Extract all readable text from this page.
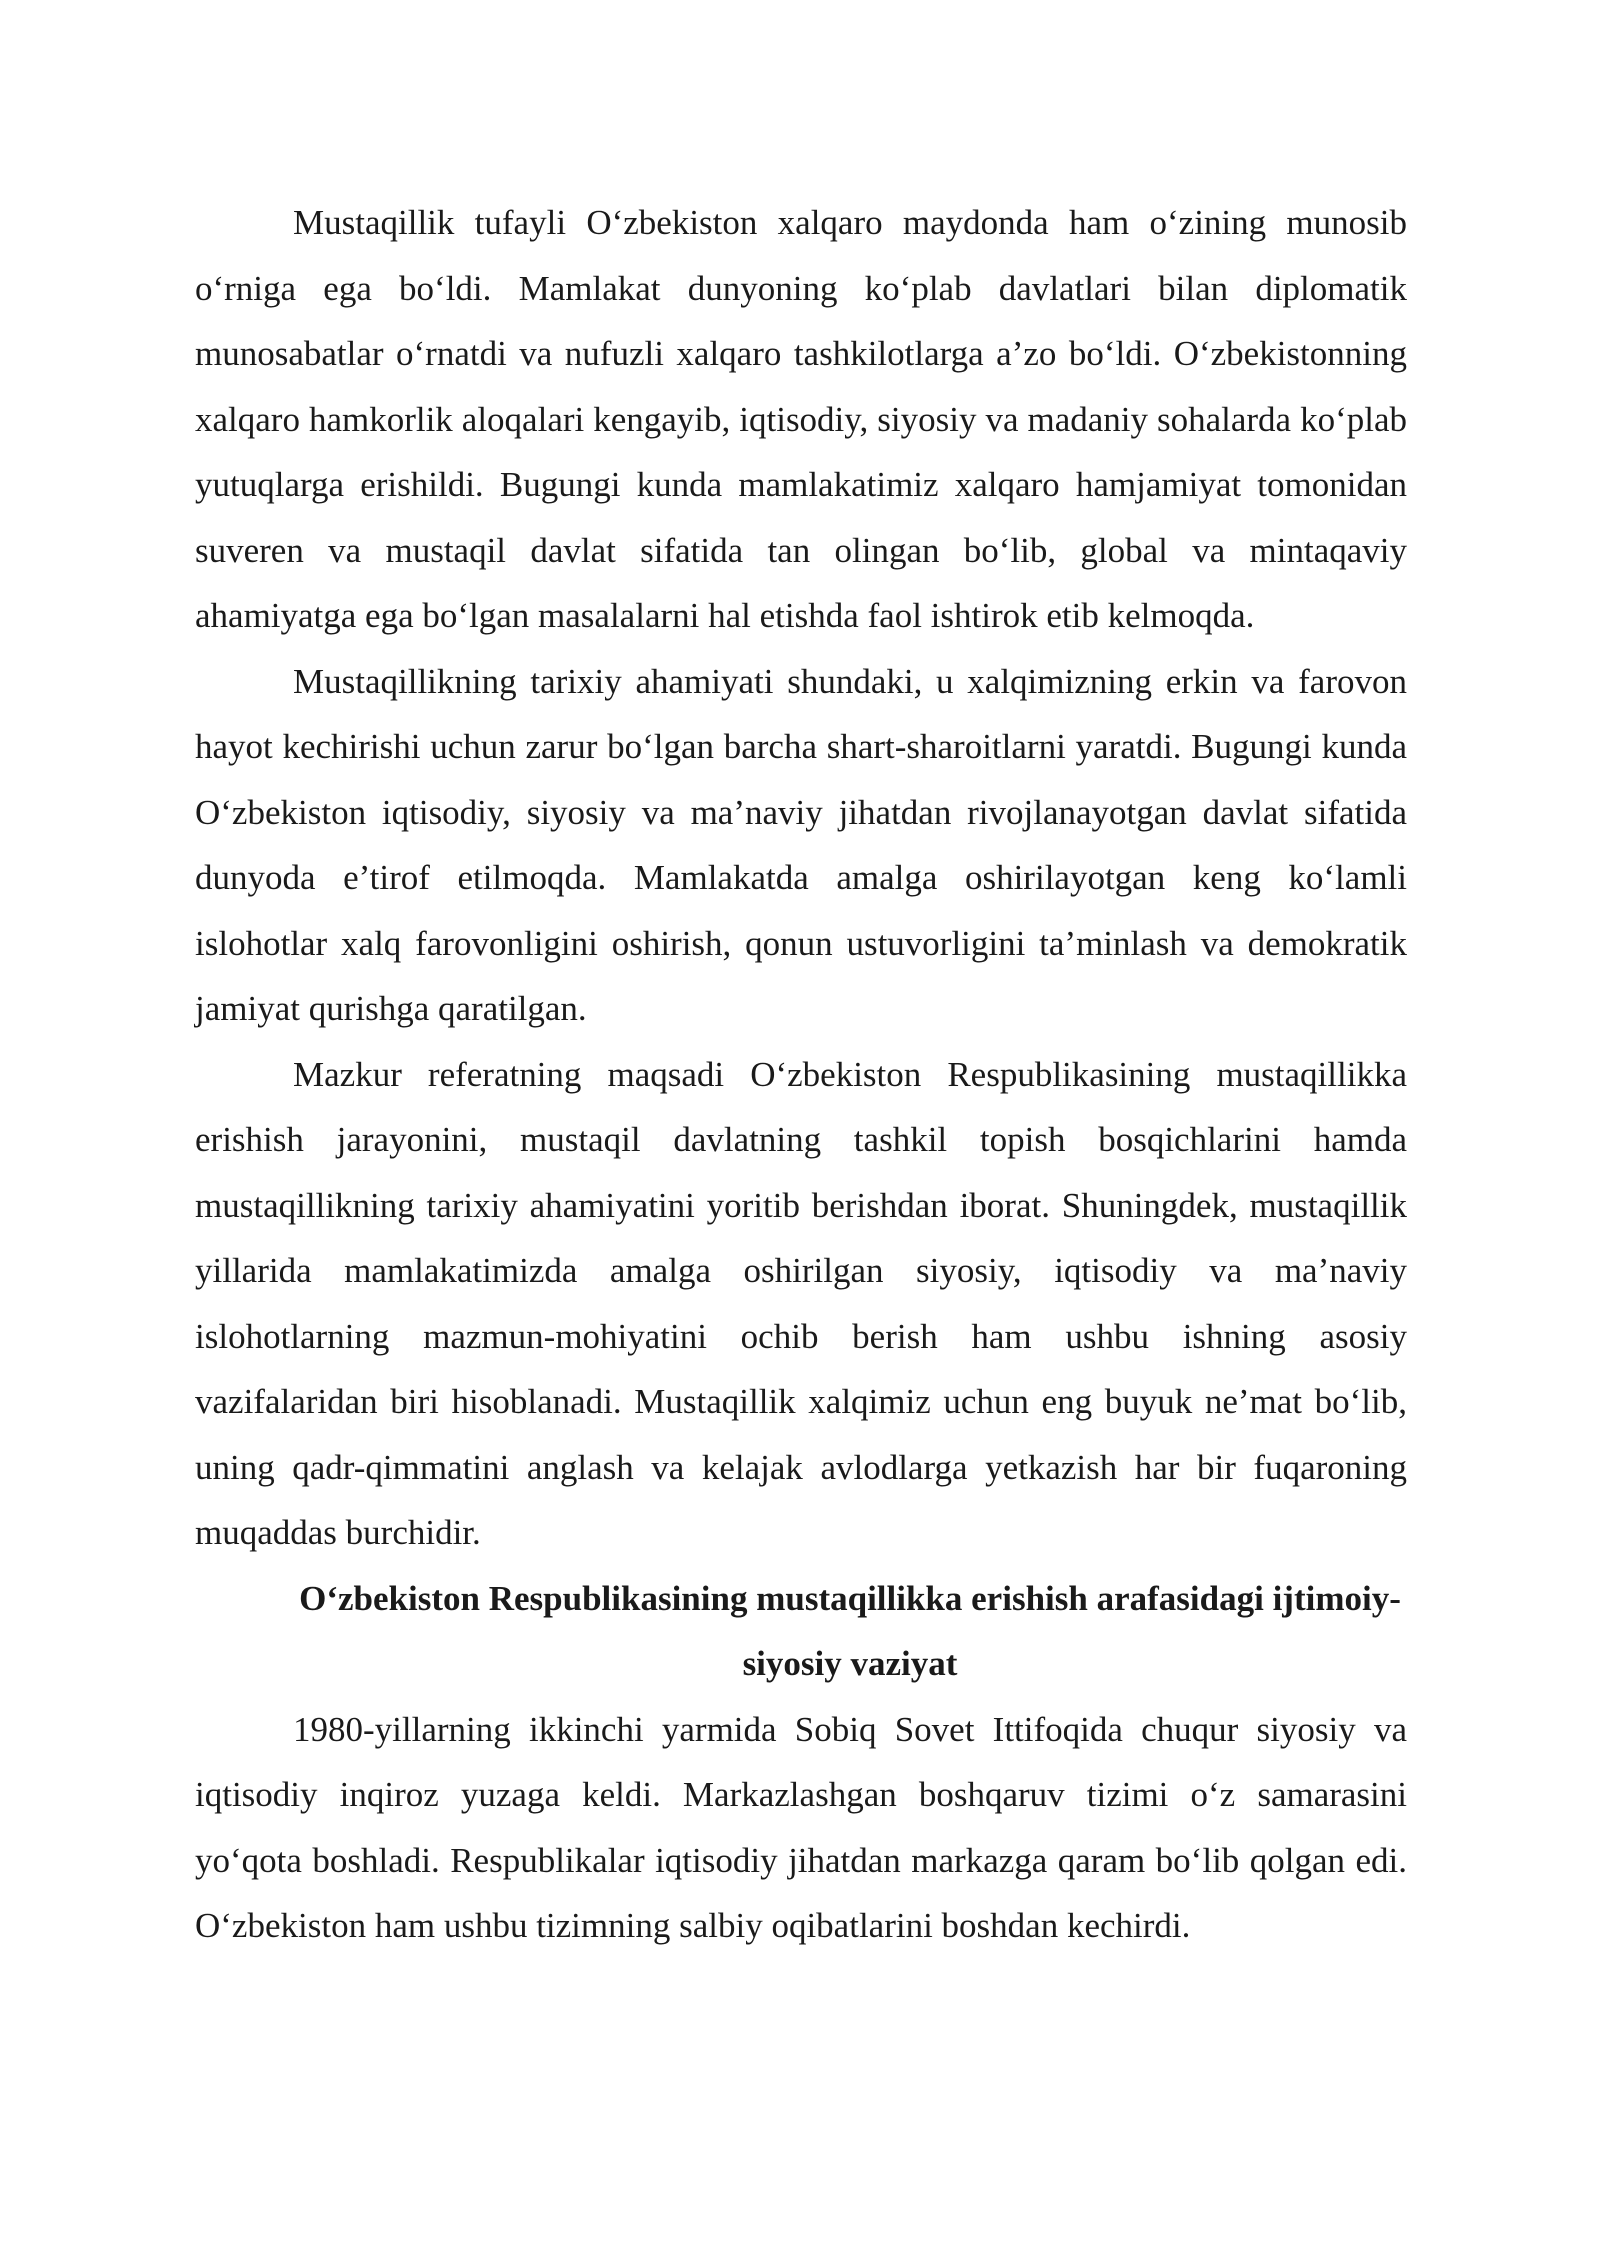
Mustaqillik tufayli O‘zbekiston xalqaro maydonda ham o‘zining munosib o‘rniga ega bo‘ldi. Mamlakat dunyoning ko‘plab davlatlari bilan diplomatik munosabatlar o‘rnatdi va nufuzli xalqaro tashkilotlarga a’zo bo‘ldi. O‘zbekistonning xalqaro hamkorlik aloqalari kengayib, iqtisodiy, siyosiy va madaniy sohalarda ko‘plab yutuqlarga erishildi. Bugungi kunda mamlakatimiz xalqaro hamjamiyat tomonidan suveren va mustaqil davlat sifatida tan olingan bo‘lib, global va mintaqaviy ahamiyatga ega bo‘lgan masalalarni hal etishda faol ishtirok etib kelmoqda.

Mustaqillikning tarixiy ahamiyati shundaki, u xalqimizning erkin va farovon hayot kechirishi uchun zarur bo‘lgan barcha shart-sharoitlarni yaratdi. Bugungi kunda O‘zbekiston iqtisodiy, siyosiy va ma’naviy jihatdan rivojlanayotgan davlat sifatida dunyoda e’tirof etilmoqda. Mamlakatda amalga oshirilayotgan keng ko‘lamli islohotlar xalq farovonligini oshirish, qonun ustuvorligini ta’minlash va demokratik jamiyat qurishga qaratilgan.

Mazkur referatning maqsadi O‘zbekiston Respublikasining mustaqillikka erishish jarayonini, mustaqil davlatning tashkil topish bosqichlarini hamda mustaqillikning tarixiy ahamiyatini yoritib berishdan iborat. Shuningdek, mustaqillik yillarida mamlakatimizda amalga oshirilgan siyosiy, iqtisodiy va ma’naviy islohotlarning mazmun-mohiyatini ochib berish ham ushbu ishning asosiy vazifalaridan biri hisoblanadi. Mustaqillik xalqimiz uchun eng buyuk ne’mat bo‘lib, uning qadr-qimmatini anglash va kelajak avlodlarga yetkazish har bir fuqaroning muqaddas burchidir.

O‘zbekiston Respublikasining mustaqillikka erishish arafasidagi ijtimoiy-siyosiy vaziyat

1980-yillarning ikkinchi yarmida Sobiq Sovet Ittifoqida chuqur siyosiy va iqtisodiy inqiroz yuzaga keldi. Markazlashgan boshqaruv tizimi o‘z samarasini yo‘qota boshladi. Respublikalar iqtisodiy jihatdan markazga qaram bo‘lib qolgan edi. O‘zbekiston ham ushbu tizimning salbiy oqibatlarini boshdan kechirdi.
